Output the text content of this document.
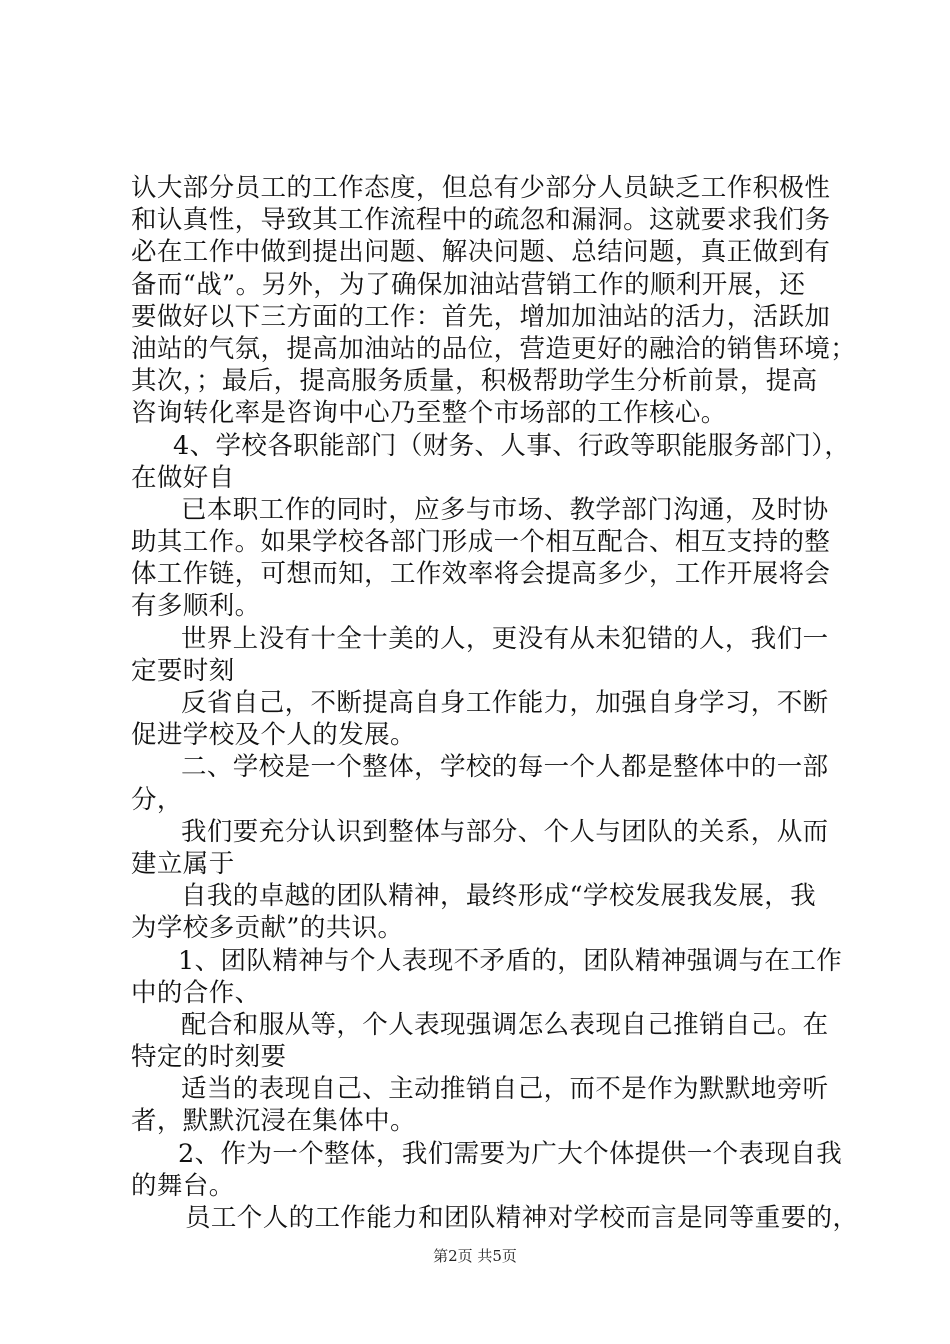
认大部分员工的工作态度，但总有少部分人员缺乏工作积极性
和认真性，导致其工作流程中的疏忽和漏洞。这就要求我们务
必在工作中做到提出问题、解决问题、总结问题，真正做到有
备而“战”。另外，为了确保加油站营销工作的顺利开展，还
要做好以下三方面的工作：首先，增加加油站的活力，活跃加
油站的气氛，提高加油站的品位，营造更好的融洽的销售环境；
其次，；最后，提高服务质量，积极帮助学生分析前景，提高
咨询转化率是咨询中心乃至整个市场部的工作核心。
4、学校各职能部门（财务、人事、行政等职能服务部门），
在做好自
已本职工作的同时，应多与市场、教学部门沟通，及时协
助其工作。如果学校各部门形成一个相互配合、相互支持的整
体工作链，可想而知，工作效率将会提高多少，工作开展将会
有多顺利。
世界上没有十全十美的人，更没有从未犯错的人，我们一
定要时刻
反省自己，不断提高自身工作能力，加强自身学习，不断
促进学校及个人的发展。
二、学校是一个整体，学校的每一个人都是整体中的一部
分，
我们要充分认识到整体与部分、个人与团队的关系，从而
建立属于
自我的卓越的团队精神，最终形成“学校发展我发展，我
为学校多贡献”的共识。
1、团队精神与个人表现不矛盾的，团队精神强调与在工作
中的合作、
配合和服从等，个人表现强调怎么表现自己推销自己。在
特定的时刻要
适当的表现自己、主动推销自己，而不是作为默默地旁听
者，默默沉浸在集体中。
2、作为一个整体，我们需要为广大个体提供一个表现自我
的舞台。
员工个人的工作能力和团队精神对学校而言是同等重要的，
第2页 共5页
